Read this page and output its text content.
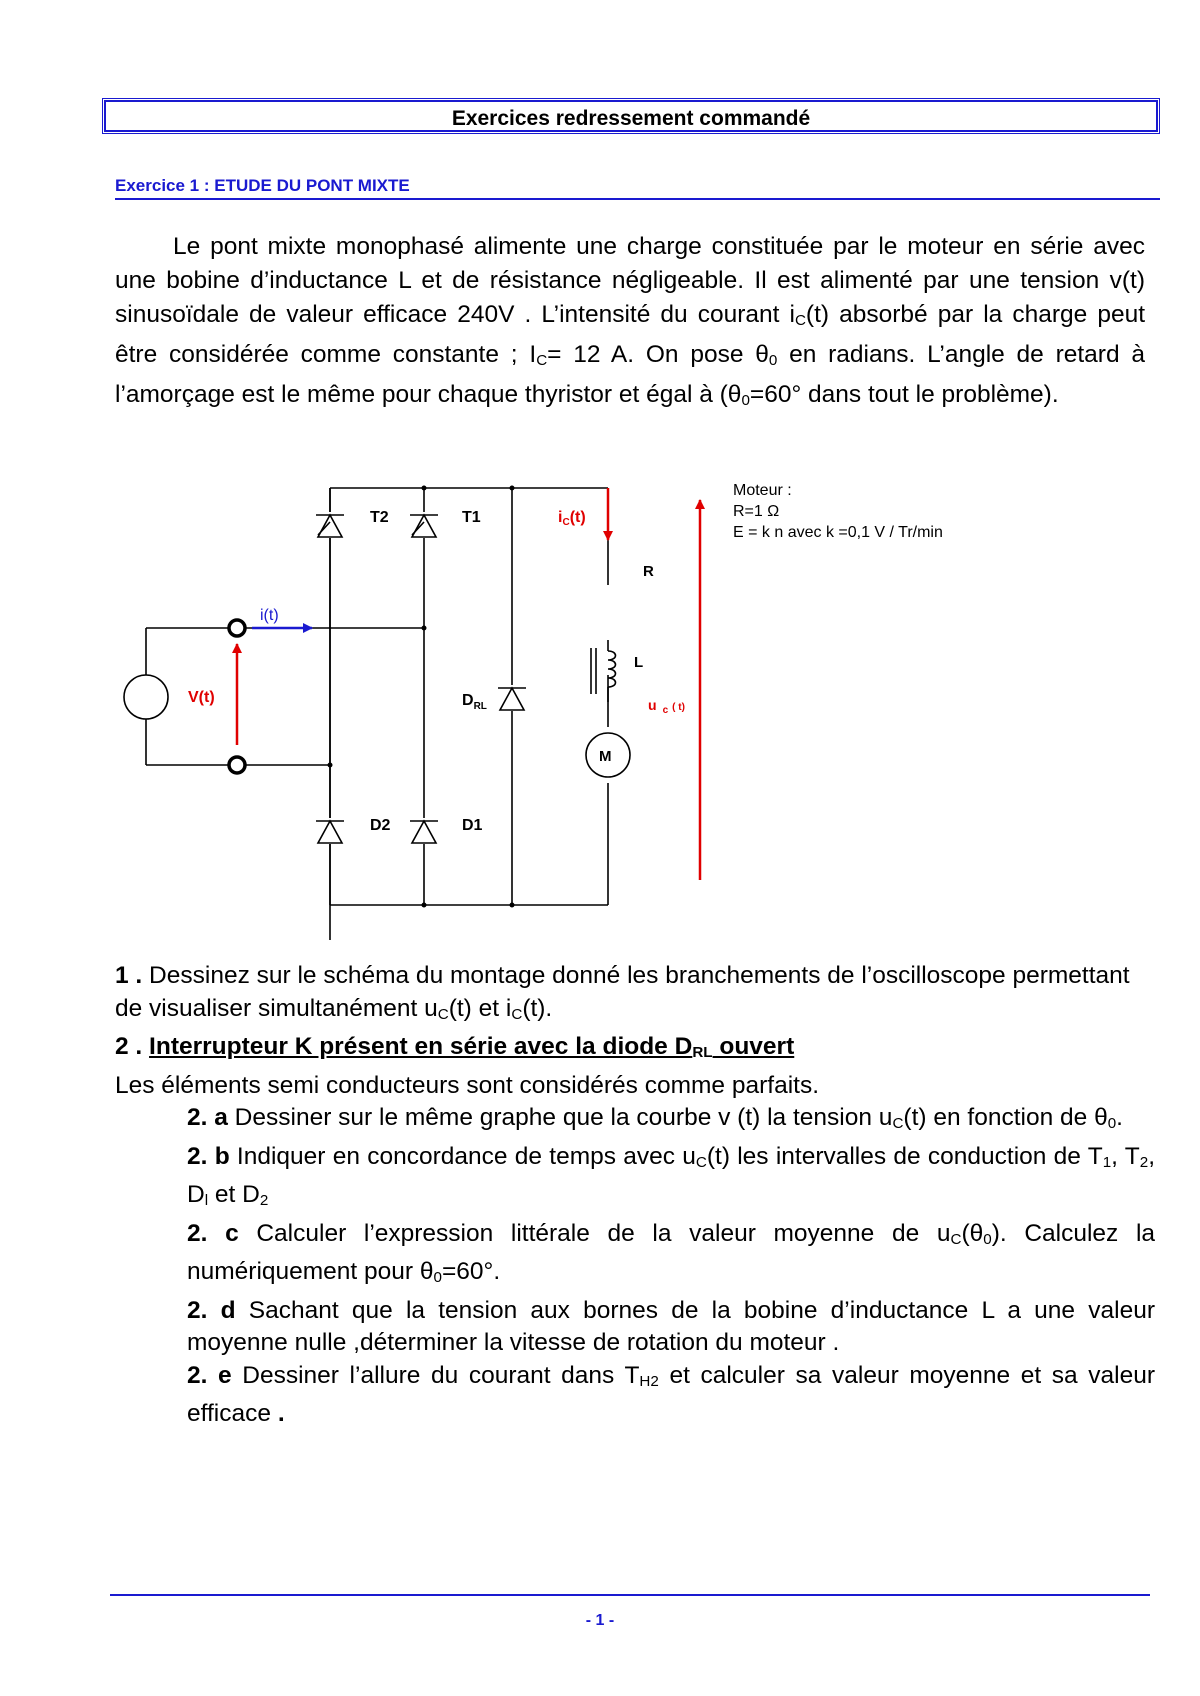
Exercices redressement commandé
Exercice 1 : ETUDE DU PONT MIXTE

Le pont mixte monophasé alimente une charge constituée par le moteur en série avec une bobine d’inductance L et de résistance négligeable. Il est alimenté par une tension v(t) sinusoïdale de valeur efficace 240V . L’intensité du courant $i_C(t)$ absorbé par la charge peut être considérée comme constante ; $I_C= 12$ A. On pose $\theta_0$ en radians. L’angle de retard à l’amorçage est le même pour chaque thyristor et égal à ($\theta_0=60^\circ$ dans tout le problème).

T2	T1
D2	D1
$D_{RL}$
i(t)
V(t)
iC(t)
R
L
M
u $_c$ $^{( t)}$
Moteur :
R=1 Ω
E = k n avec k =0,1 V / Tr/min

1 . Dessinez sur le schéma du montage donné les branchements de l’oscilloscope permettant de visualiser simultanément $u_C(t)$ et $i_C(t)$.

2 . Interrupteur K présent en série avec la diode $D_{RL}$ ouvert

Les éléments semi conducteurs sont considérés comme parfaits.

2. a Dessiner sur le même graphe que la courbe v (t) la tension $u_C(t)$ en fonction de $\theta_0$.

2. b Indiquer en concordance de temps avec $u_C(t)$ les intervalles de conduction de $T_1$, $T_2$, $D_l$ et $D_2$

2. c Calculer l’expression littérale de la valeur moyenne de $u_C(\theta_0)$. Calculez la numériquement pour $\theta_0=60^\circ$.

2. d Sachant que la tension aux bornes de la bobine d’inductance L a une valeur moyenne nulle ,déterminer la vitesse de rotation du moteur .

2. e Dessiner l’allure du courant dans $T_{H2}$ et calculer sa valeur moyenne et sa valeur efficace .

- 1 -
